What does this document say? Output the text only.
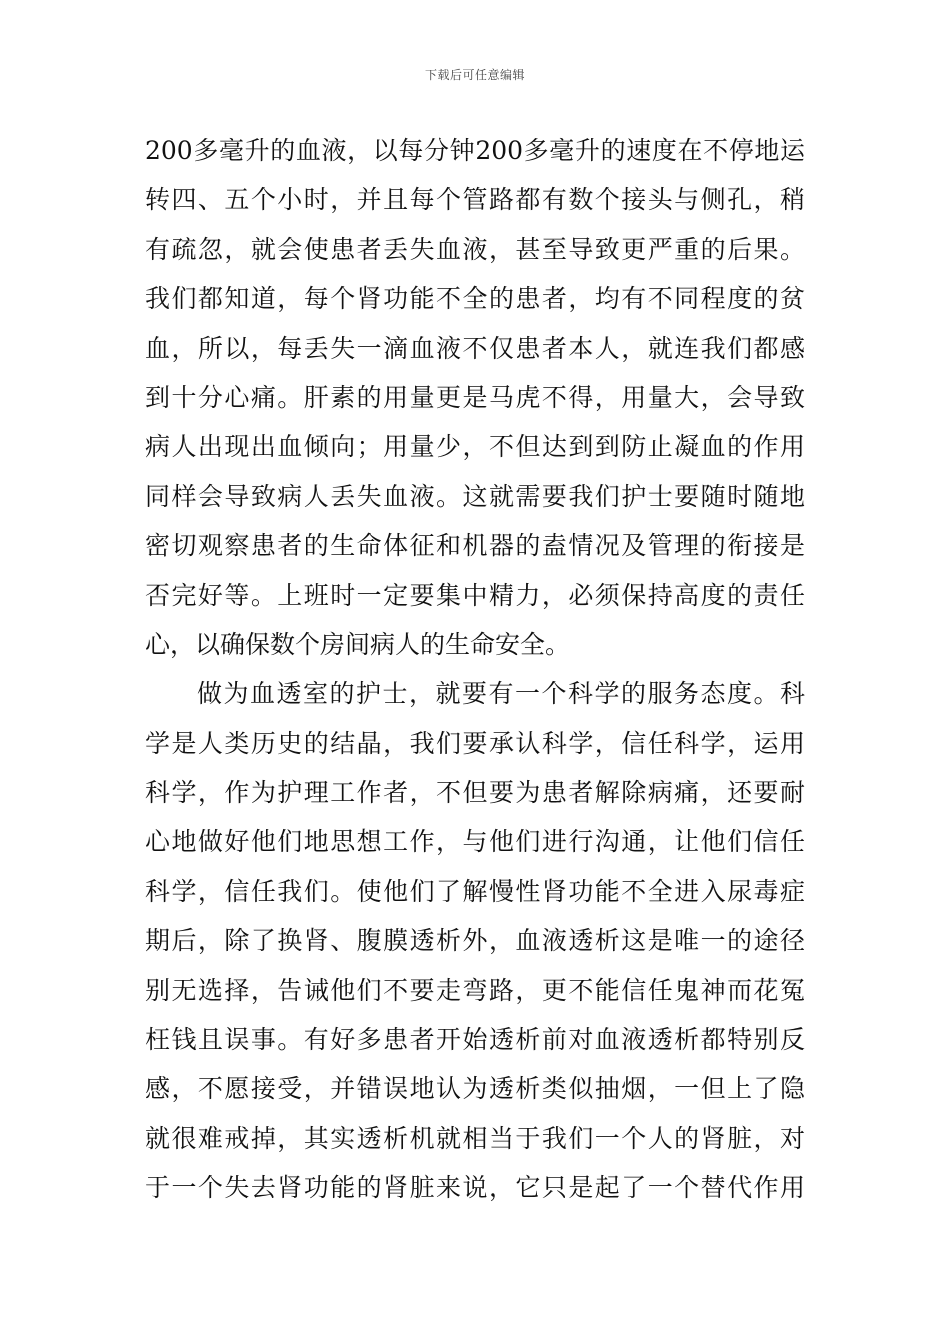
下载后可任意编辑
200多毫升的血液，以每分钟200多毫升的速度在不停地运
转四、五个小时，并且每个管路都有数个接头与侧孔，稍
有疏忽，就会使患者丢失血液，甚至导致更严重的后果。
我们都知道，每个肾功能不全的患者，均有不同程度的贫
血，所以，每丢失一滴血液不仅患者本人，就连我们都感
到十分心痛。肝素的用量更是马虎不得，用量大，会导致
病人出现出血倾向；用量少，不但达到到防止凝血的作用
同样会导致病人丢失血液。这就需要我们护士要随时随地
密切观察患者的生命体征和机器的盍情况及管理的衔接是
否完好等。上班时一定要集中精力，必须保持高度的责任
心，以确保数个房间病人的生命安全。
做为血透室的护士，就要有一个科学的服务态度。科
学是人类历史的结晶，我们要承认科学，信任科学，运用
科学，作为护理工作者，不但要为患者解除病痛，还要耐
心地做好他们地思想工作，与他们进行沟通，让他们信任
科学，信任我们。使他们了解慢性肾功能不全进入尿毒症
期后，除了换肾、腹膜透析外，血液透析这是唯一的途径
别无选择，告诫他们不要走弯路，更不能信任鬼神而花冤
枉钱且误事。有好多患者开始透析前对血液透析都特别反
感，不愿接受，并错误地认为透析类似抽烟，一但上了隐
就很难戒掉，其实透析机就相当于我们一个人的肾脏，对
于一个失去肾功能的肾脏来说，它只是起了一个替代作用
